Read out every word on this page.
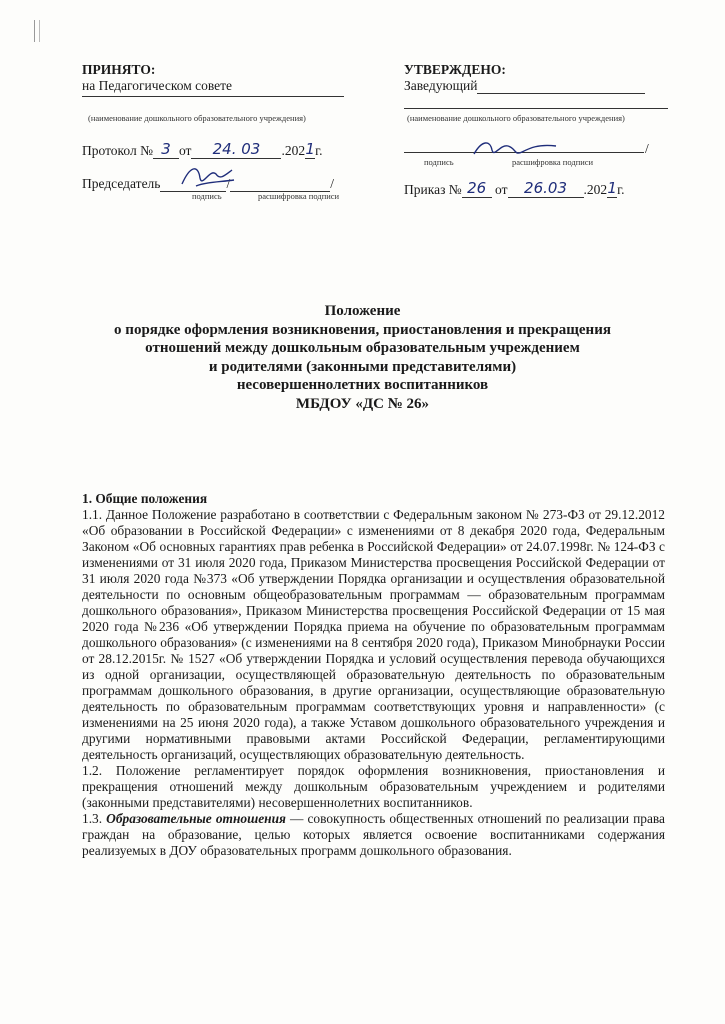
ПРИНЯТО:
на Педагогическом совете
(наименование дошкольного образовательного учреждения)
Протокол № 3 от 24. 03 .2021г.
Председатель	/	/
подпись	расшифровка подписи
УТВЕРЖДЕНО:
Заведующий
(наименование дошкольного образовательного учреждения)
/
подпись	расшифровка подписи
Приказ № 26 от 26.03 .2021г.
Положение
о порядке оформления возникновения, приостановления и прекращения
отношений между дошкольным образовательным учреждением
и родителями (законными представителями)
несовершеннолетних воспитанников
МБДОУ «ДС № 26»

1. Общие положения

1.1. Данное Положение разработано в соответствии с Федеральным законом № 273-ФЗ от 29.12.2012 «Об образовании в Российской Федерации» с изменениями от 8 декабря 2020 года, Федеральным Законом «Об основных гарантиях прав ребенка в Российской Федерации» от 24.07.1998г. № 124-ФЗ с изменениями от 31 июля 2020 года, Приказом Министерства просвещения Российской Федерации от 31 июля 2020 года №373 «Об утверждении Порядка организации и осуществления образовательной деятельности по основным общеобразовательным программам — образовательным программам дошкольного образования», Приказом Министерства просвещения Российской Федерации от 15 мая 2020 года №236 «Об утверждении Порядка приема на обучение по образовательным программам дошкольного образования» (с изменениями на 8 сентября 2020 года), Приказом Минобрнауки России от 28.12.2015г. № 1527 «Об утверждении Порядка и условий осуществления перевода обучающихся из одной организации, осуществляющей образовательную деятельность по образовательным программам дошкольного образования, в другие организации, осуществляющие образовательную деятельность по образовательным программам соответствующих уровня и направленности» (с изменениями на 25 июня 2020 года), а также Уставом дошкольного образовательного учреждения и другими нормативными правовыми актами Российской Федерации, регламентирующими деятельность организаций, осуществляющих образовательную деятельность.

1.2. Положение регламентирует порядок оформления возникновения, приостановления и прекращения отношений между дошкольным образовательным учреждением и родителями (законными представителями) несовершеннолетних воспитанников.

1.3. Образовательные отношения — совокупность общественных отношений по реализации права граждан на образование, целью которых является освоение воспитанниками содержания реализуемых в ДОУ образовательных программ дошкольного образования.
